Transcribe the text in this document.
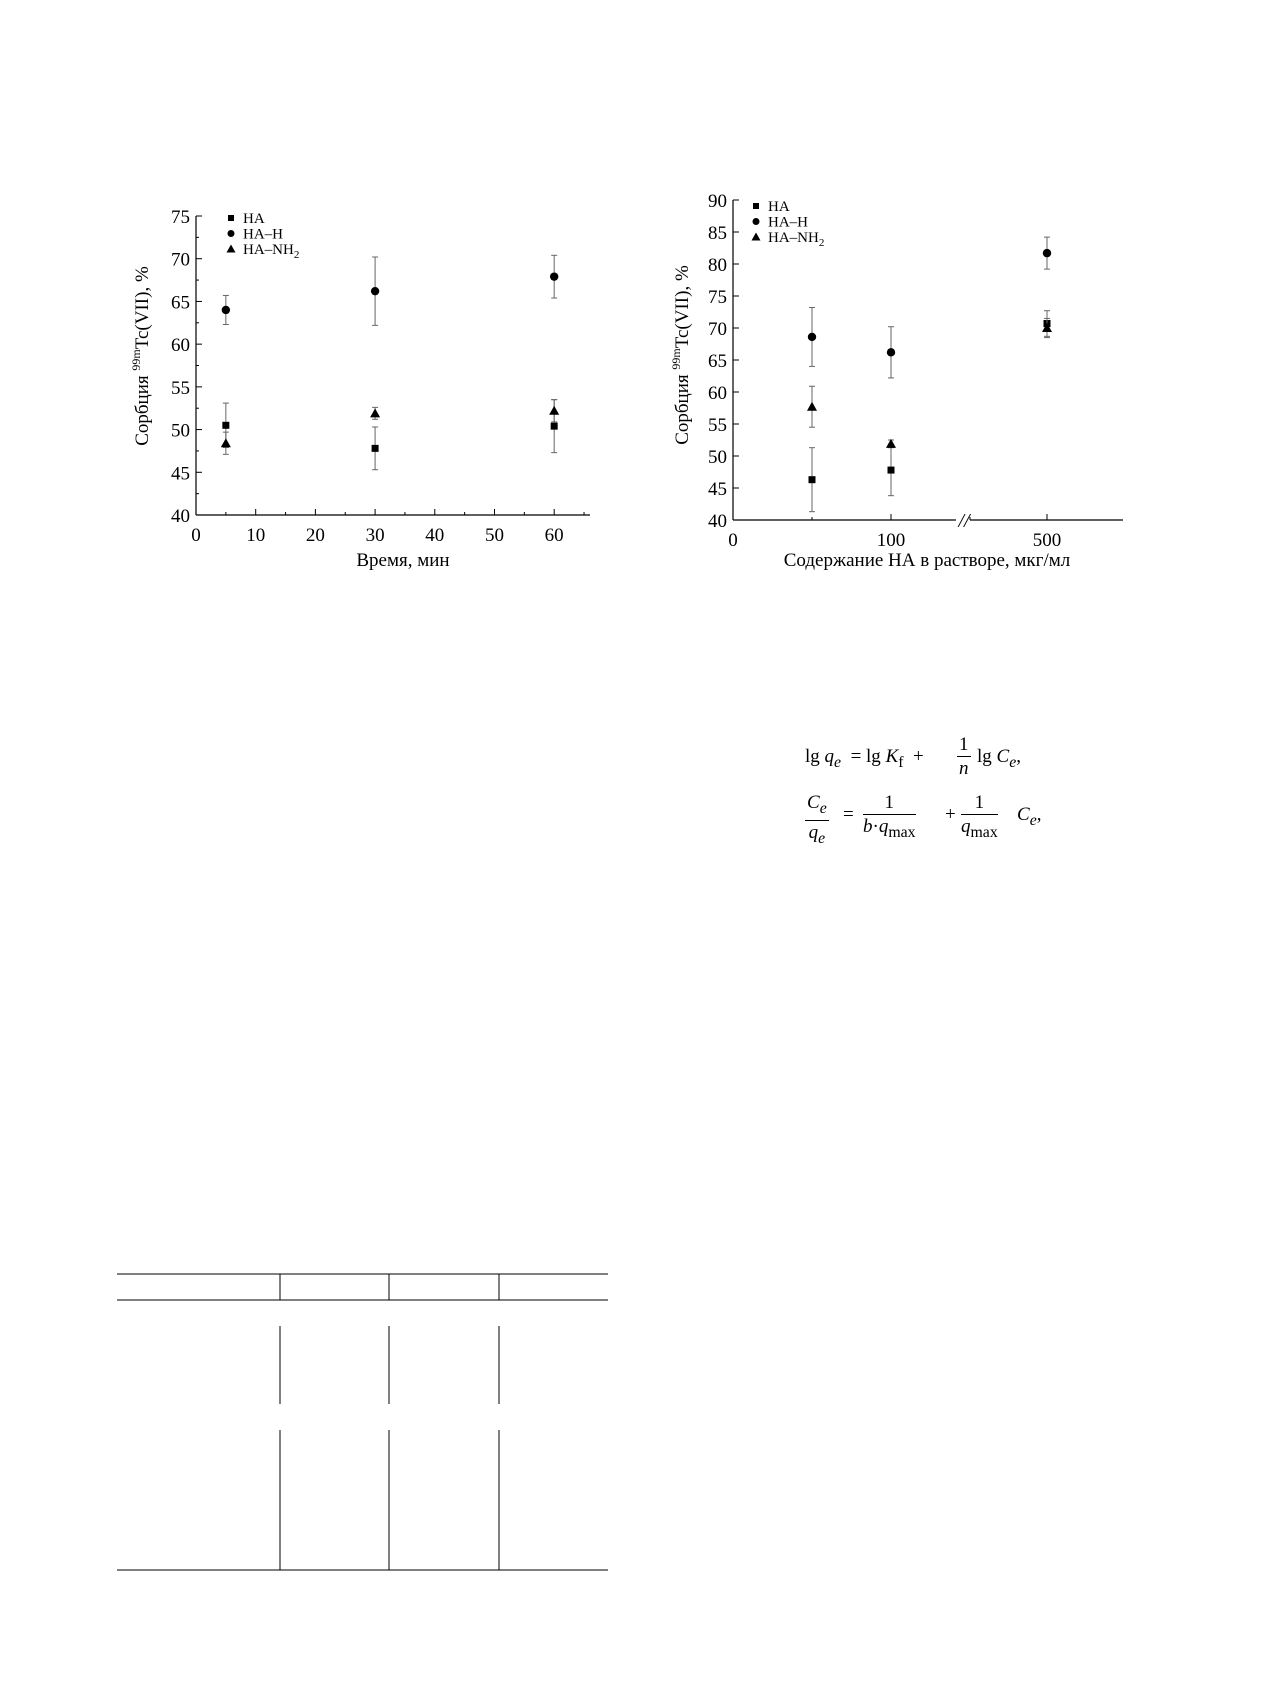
40
45
50
55
60
65
70
75
0 10 20 30 40 50 60
HA
HA–H
$HA-NH_2$
Время, мин
Сорбция $^{99m}$Tc(VII), %
40
45
50
55
60
65
70
75
80
85
90
0	100	500
HA
HA–H
$HA-NH_2$
//
Содержание НА в растворе, мкг/мл
Сорбция $^{99m}$Tc(VII), %
$\lg q_e = \lg K_f + \frac{1}{n}$ $\lg C_e$,
$\frac{C_e}{q_e}$ =
1
$b\cdot q_{max}$
+
1
$q_{max}$
$C_e$,
